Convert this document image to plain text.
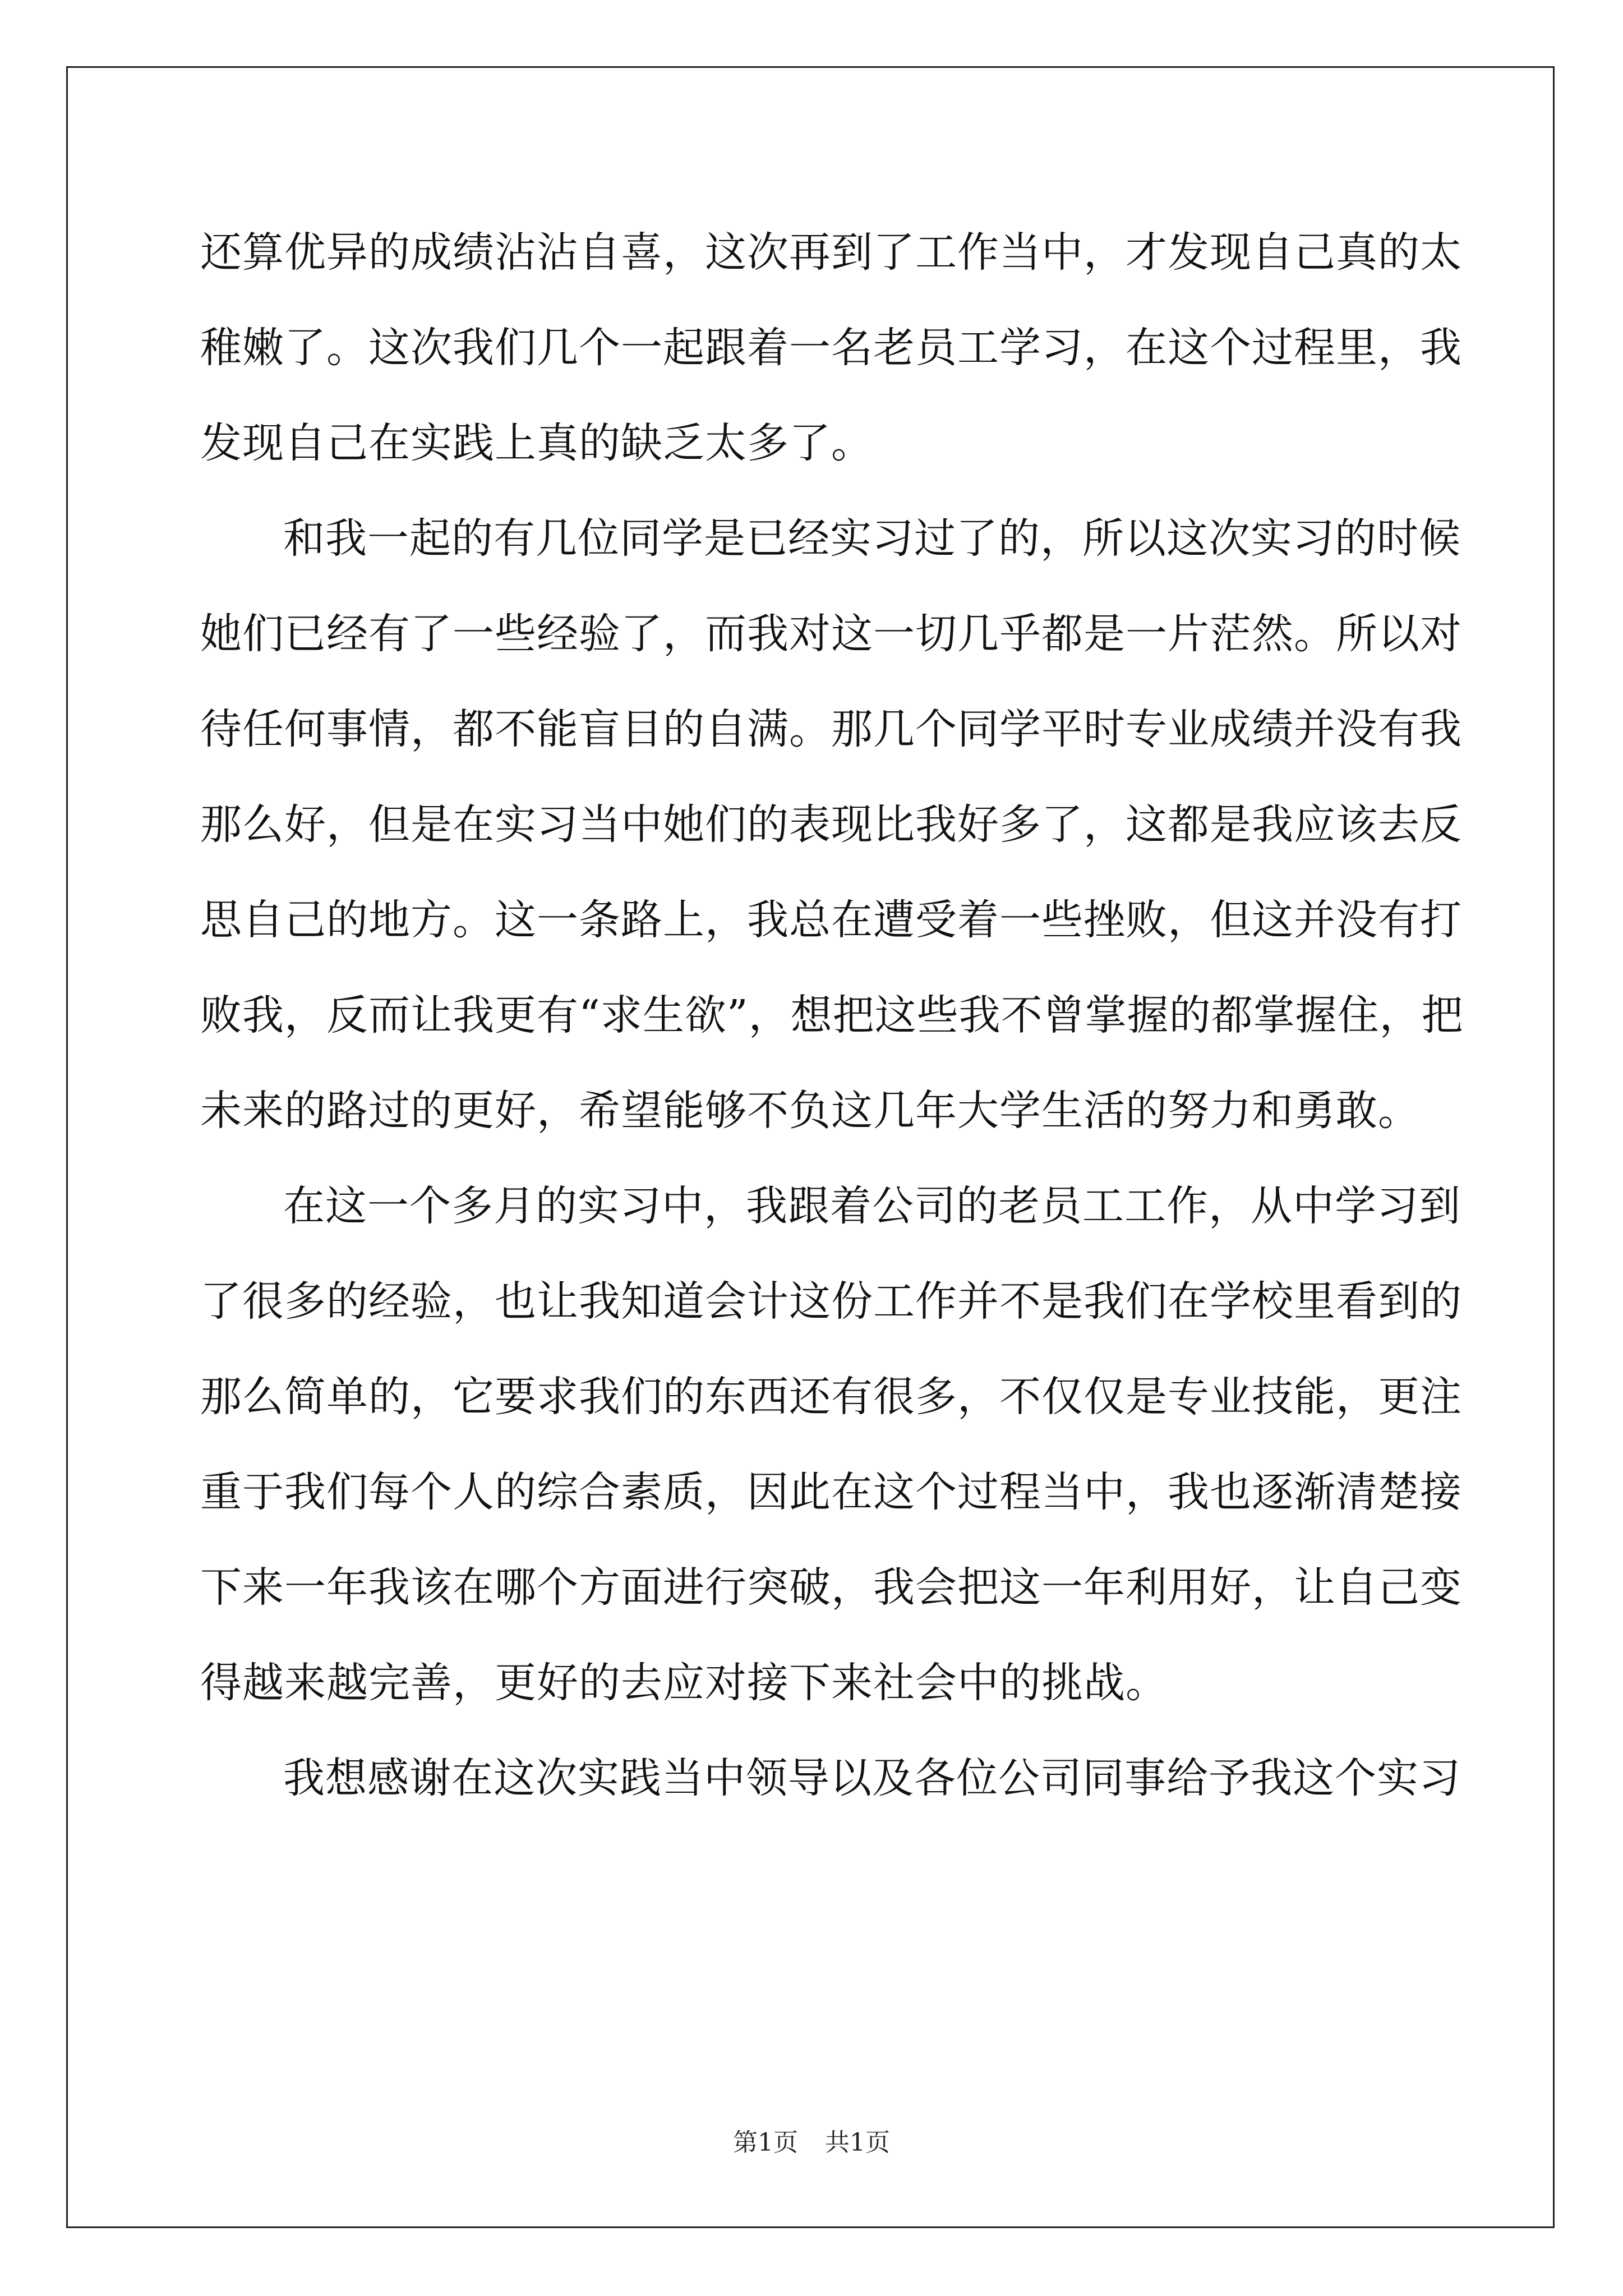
还算优异的成绩沾沾自喜，这次再到了工作当中，才发现自己真的太
稚嫩了。这次我们几个一起跟着一名老员工学习，在这个过程里，我
发现自己在实践上真的缺乏太多了。
和我一起的有几位同学是已经实习过了的，所以这次实习的时候
她们已经有了一些经验了，而我对这一切几乎都是一片茫然。所以对
待任何事情，都不能盲目的自满。那几个同学平时专业成绩并没有我
那么好，但是在实习当中她们的表现比我好多了，这都是我应该去反
思自己的地方。这一条路上，我总在遭受着一些挫败，但这并没有打
败我，反而让我更有“求生欲”，想把这些我不曾掌握的都掌握住，把
未来的路过的更好，希望能够不负这几年大学生活的努力和勇敢。
在这一个多月的实习中，我跟着公司的老员工工作，从中学习到
了很多的经验，也让我知道会计这份工作并不是我们在学校里看到的
那么简单的，它要求我们的东西还有很多，不仅仅是专业技能，更注
重于我们每个人的综合素质，因此在这个过程当中，我也逐渐清楚接
下来一年我该在哪个方面进行突破，我会把这一年利用好，让自己变
得越来越完善，更好的去应对接下来社会中的挑战。
我想感谢在这次实践当中领导以及各位公司同事给予我这个实习
第1页 共1页
